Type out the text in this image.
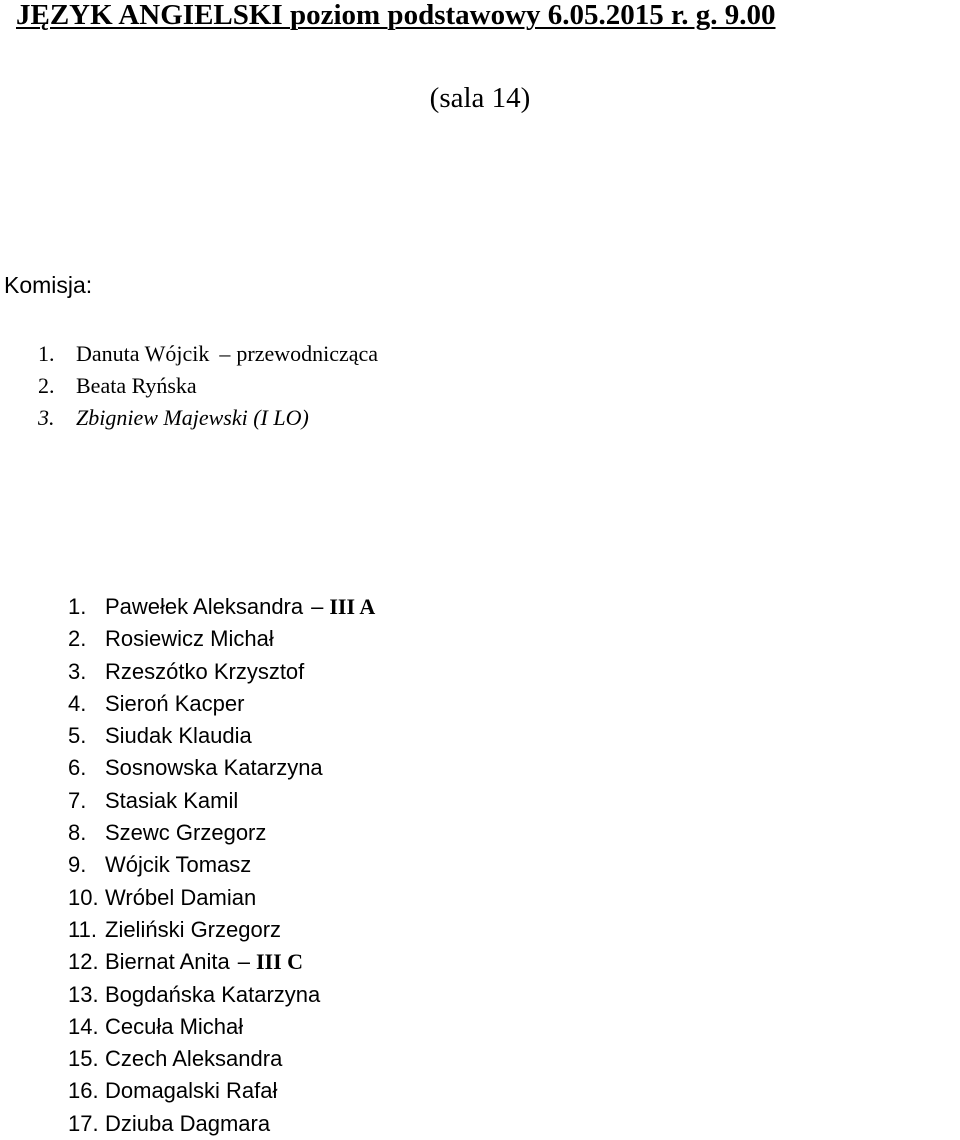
JĘZYK ANGIELSKI poziom podstawowy 6.05.2015 r. g. 9.00

(sala 14)

Komisja:

1. Danuta Wójcik – przewodnicząca
2. Beata Ryńska
3. Zbigniew Majewski (I LO)
1. Pawełek Aleksandra – III A
2. Rosiewicz Michał
3. Rzeszótko Krzysztof
4. Sieroń Kacper
5. Siudak Klaudia
6. Sosnowska Katarzyna
7. Stasiak Kamil
8. Szewc Grzegorz
9. Wójcik Tomasz
10. Wróbel Damian
11. Zieliński Grzegorz
12. Biernat Anita – III C
13. Bogdańska Katarzyna
14. Cecuła Michał
15. Czech Aleksandra
16. Domagalski Rafał
17. Dziuba Dagmara
